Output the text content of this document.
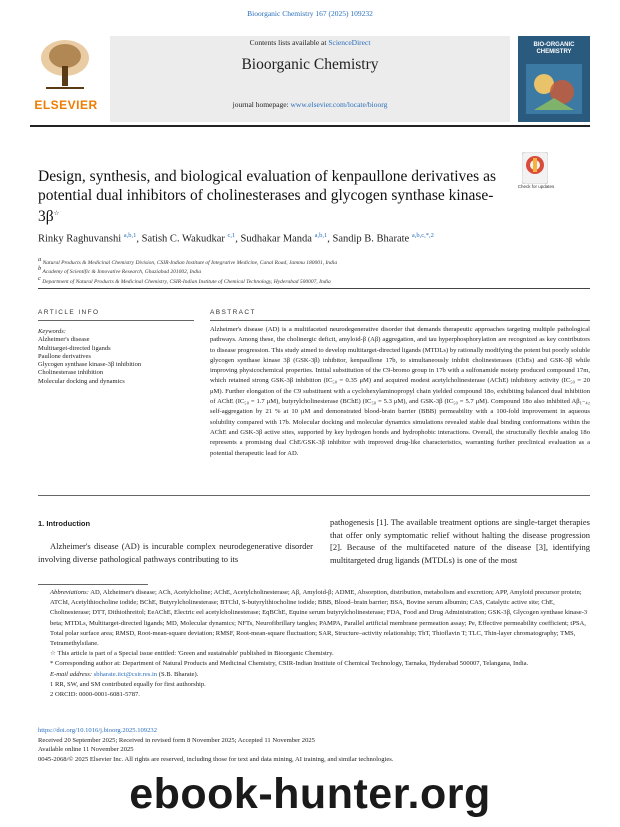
Bioorganic Chemistry 167 (2025) 109232
ELSEVIER
Contents lists available at ScienceDirect
Bioorganic Chemistry
journal homepage: www.elsevier.com/locate/bioorg
BIO-ORGANIC CHEMISTRY
Design, synthesis, and biological evaluation of kenpaullone derivatives as potential dual inhibitors of cholinesterases and glycogen synthase kinase-3β☆
Check for updates
Rinky Raghuvanshi $^{a,b,1}$, Satish C. Wakudkar $^{c,1}$, Sudhakar Manda $^{a,b,1}$, Sandip B. Bharate $^{a,b,c,*,2}$
$^a$ Natural Products & Medicinal Chemistry Division, CSIR-Indian Institute of Integrative Medicine, Canal Road, Jammu 180001, India
$^b$ Academy of Scientific & Innovative Research, Ghaziabad 201002, India
$^c$ Department of Natural Products & Medicinal Chemistry, CSIR-Indian Institute of Chemical Technology, Hyderabad 500007, India
ARTICLE INFO	ABSTRACT
Keywords:
Alzheimer's disease
Multitarget-directed ligands
Paullone derivatives
Glycogen synthase kinase-3β inhibition
Cholinesterase inhibition
Molecular docking and dynamics
Alzheimer's disease (AD) is a multifaceted neurodegenerative disorder that demands therapeutic approaches targeting multiple pathological pathways. Among these, the cholinergic deficit, amyloid-β (Aβ) aggregation, and tau hyperphosphorylation are recognized as key contributors to disease progression. This study aimed to develop multitarget-directed ligands (MTDLs) by rationally modifying the potent but poorly soluble glycogen synthase kinase 3β (GSK-3β) inhibitor, kenpaullone 17b, to simultaneously inhibit cholinesterases (ChEs) and GSK-3β while improving physicochemical properties. Initial substitution of the C9-bromo group in 17b with a sulfonamide moiety produced compound 17m, which retained strong GSK-3β inhibition (IC₅₀ = 0.35 μM) and acquired modest acetylcholinesterase (AChE) inhibitory activity (IC₅₀ = 20 μM). Further elongation of the C9 substituent with a cyclohexylaminopropyl chain yielded compound 18o, exhibiting balanced dual inhibition of AChE (IC₅₀ = 1.7 μM), butyrylcholinesterase (BChE) (IC₅₀ = 5.3 μM), and GSK-3β (IC₅₀ = 5.7 μM). Compound 18o also inhibited Aβ₁₋₄₂ self-aggregation by 21 % at 10 μM and demonstrated blood-brain barrier (BBB) permeability with a 100-fold improvement in aqueous solubility compared with 17b. Molecular docking and molecular dynamics simulations revealed stable dual binding conformations within the AChE and GSK-3β active sites, supported by key hydrogen bonds and hydrophobic interactions. Overall, the structurally flexible analog 18o represents a promising dual ChE/GSK-3β inhibitor with improved drug-like characteristics, warranting further preclinical evaluation as a potential therapeutic lead for AD.
1. Introduction
Alzheimer's disease (AD) is incurable complex neurodegenerative disorder involving diverse pathological pathways contributing to its
pathogenesis [1]. The available treatment options are single-target therapies that offer only symptomatic relief without halting the disease progression [2]. Because of the multifaceted nature of the disease [3], identifying multitargeted drug ligands (MTDLs) is one of the most

Abbreviations: AD, Alzheimer's disease; ACh, Acetylcholine; AChE, Acetylcholinesterase; Aβ, Amyloid-β; ADME, Absorption, distribution, metabolism and excretion; APP, Amyloid precursor protein; ATChI, Acetylthiocholine iodide; BChE, Butyrylcholinesterase; BTChI, S-butyrylthiocholine iodide; BBB, Blood–brain barrier; BSA, Bovine serum albumin; CAS, Catalytic active site; ChE, Cholinesterase; DTT, Dithiothreitol; EeAChE, Electric eel acetylcholinesterase; EqBChE, Equine serum butyrylcholinesterase; FDA, Food and Drug Administration; GSK-3β, Glycogen synthase kinase-3 beta; MTDLs, Multitarget-directed ligands; MD, Molecular dynamics; NFTs, Neurofibrillary tangles; PAMPA, Parallel artificial membrane permeation assay; Pe, Effective permeability coefficient; tPSA, Total polar surface area; RMSD, Root-mean-square deviation; RMSF, Root-mean-square fluctuation; SAR, Structure–activity relationship; ThT, Thioflavin T; TLC, Thin-layer chromatography; TMS, Tetramethylsilane.

☆ This article is part of a Special issue entitled: 'Green and sustainable' published in Bioorganic Chemistry.

* Corresponding author at: Department of Natural Products and Medicinal Chemistry, CSIR-Indian Institute of Chemical Technology, Tarnaka, Hyderabad 500007, Telangana, India.

E-mail address: sbharate.iict@csir.res.in (S.B. Bharate).

1 RR, SW, and SM contributed equally for first authorship.

2 ORCID: 0000-0001-6081-5787.

https://doi.org/10.1016/j.bioorg.2025.109232

Received 20 September 2025; Received in revised form 8 November 2025; Accepted 11 November 2025

Available online 11 November 2025

0045-2068/© 2025 Elsevier Inc. All rights are reserved, including those for text and data mining, AI training, and similar technologies.

ebook-hunter.org
